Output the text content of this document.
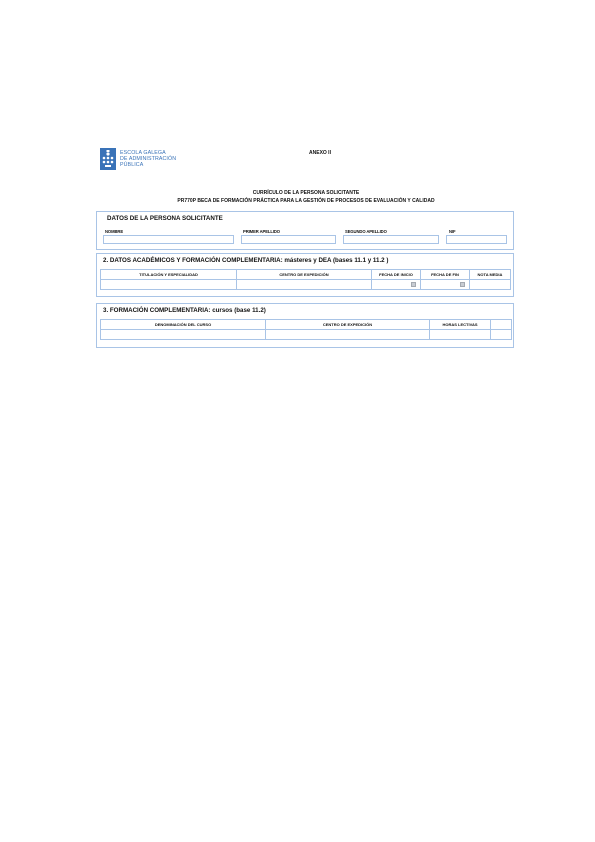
ESCOLA GALEGA
DE ADMINISTRACIÓN
PÚBLICA
ANEXO II
CURRÍCULO DE LA PERSONA SOLICITANTE
PR770P BECA DE FORMACIÓN PRÁCTICA PARA LA GESTIÓN DE PROCESOS DE EVALUACIÓN Y CALIDAD
DATOS DE LA PERSONA SOLICITANTE
NOMBRE	PRIMER APELLIDO	SEGUNDO APELLIDO	NIF
2. DATOS ACADÉMICOS Y FORMACIÓN COMPLEMENTARIA: másteres y DEA (bases 11.1 y 11.2 )
TITULACIÓN Y ESPECIALIDAD	CENTRO DE EXPEDICIÓN	FECHA DE INICIO	FECHA DE FIN	NOTA MEDIA

3. FORMACIÓN COMPLEMENTARIA: cursos (base 11.2)
DENOMINACIÓN DEL CURSO	CENTRO DE EXPEDICIÓN	HORAS LECTIVAS	
